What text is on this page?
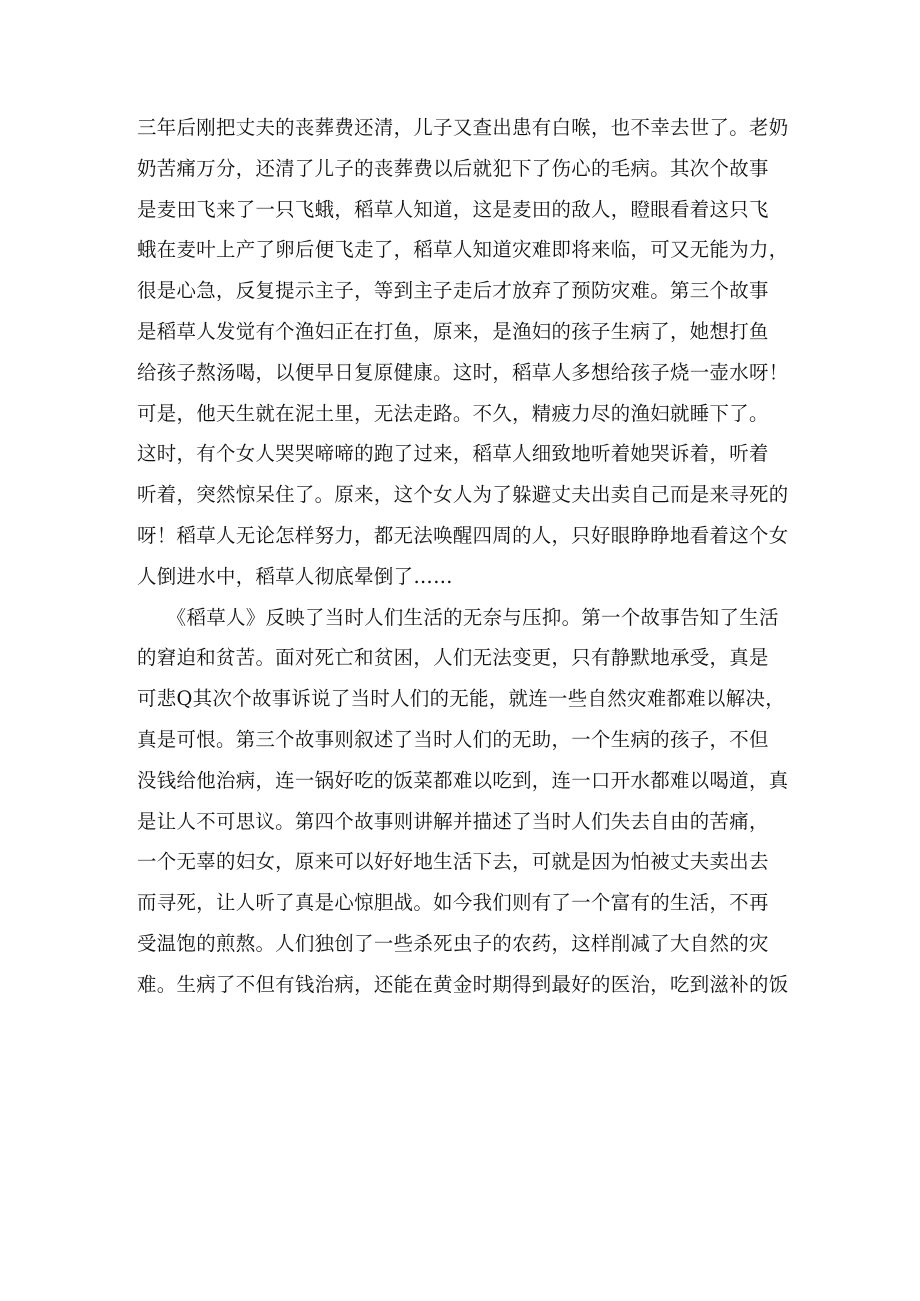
三年后刚把丈夫的丧葬费还清，儿子又查出患有白喉，也不幸去世了。老奶
奶苦痛万分，还清了儿子的丧葬费以后就犯下了伤心的毛病。其次个故事
是麦田飞来了一只飞蛾，稻草人知道，这是麦田的敌人，瞪眼看着这只飞
蛾在麦叶上产了卵后便飞走了，稻草人知道灾难即将来临，可又无能为力，
很是心急，反复提示主子，等到主子走后才放弃了预防灾难。第三个故事
是稻草人发觉有个渔妇正在打鱼，原来，是渔妇的孩子生病了，她想打鱼
给孩子熬汤喝，以便早日复原健康。这时，稻草人多想给孩子烧一壶水呀！
可是，他天生就在泥土里，无法走路。不久，精疲力尽的渔妇就睡下了。
这时，有个女人哭哭啼啼的跑了过来，稻草人细致地听着她哭诉着，听着
听着，突然惊呆住了。原来，这个女人为了躲避丈夫出卖自己而是来寻死的
呀！稻草人无论怎样努力，都无法唤醒四周的人，只好眼睁睁地看着这个女
人倒进水中，稻草人彻底晕倒了……
　　《稻草人》反映了当时人们生活的无奈与压抑。第一个故事告知了生活
的窘迫和贫苦。面对死亡和贫困，人们无法变更，只有静默地承受，真是
可悲Q其次个故事诉说了当时人们的无能，就连一些自然灾难都难以解决，
真是可恨。第三个故事则叙述了当时人们的无助，一个生病的孩子，不但
没钱给他治病，连一锅好吃的饭菜都难以吃到，连一口开水都难以喝道，真
是让人不可思议。第四个故事则讲解并描述了当时人们失去自由的苦痛，
一个无辜的妇女，原来可以好好地生活下去，可就是因为怕被丈夫卖出去
而寻死，让人听了真是心惊胆战。如今我们则有了一个富有的生活，不再
受温饱的煎熬。人们独创了一些杀死虫子的农药，这样削减了大自然的灾
难。生病了不但有钱治病，还能在黄金时期得到最好的医治，吃到滋补的饭
